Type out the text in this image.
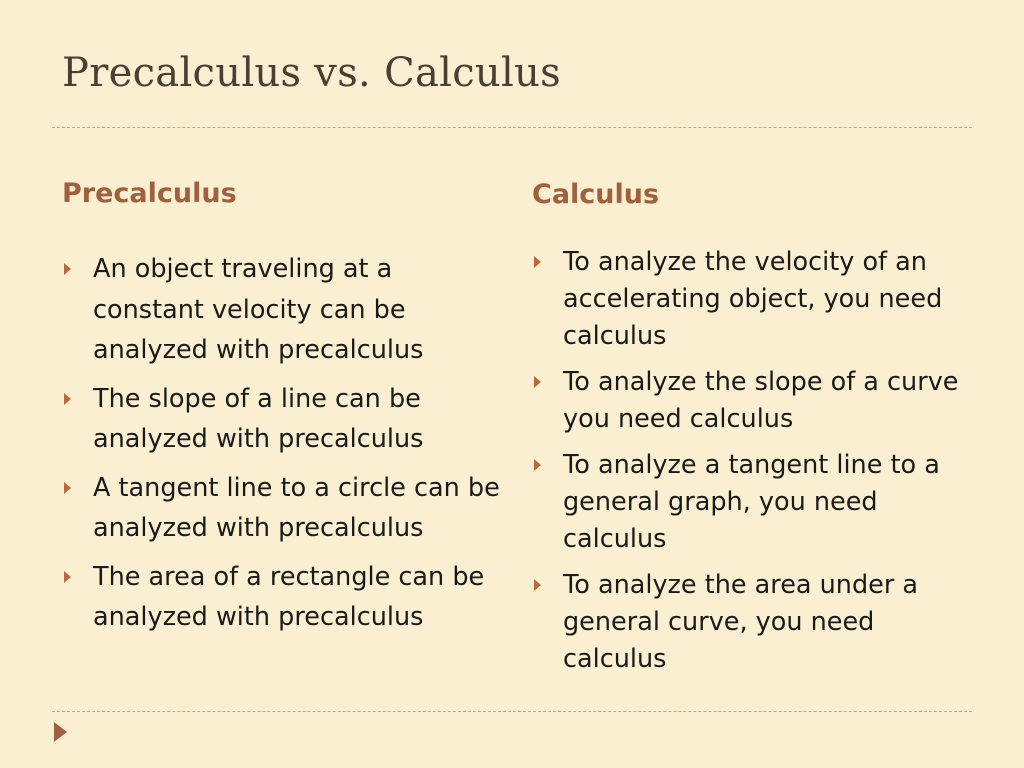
Precalculus vs. Calculus
Precalculus	Calculus
An object traveling at a constant velocity can be analyzed with precalculus
The slope of a line can be analyzed with precalculus
A tangent line to a circle can be analyzed with precalculus
The area of a rectangle can be analyzed with precalculus
To analyze the velocity of an accelerating object, you need calculus
To analyze the slope of a curve you need calculus
To analyze a tangent line to a general graph, you need calculus
To analyze the area under a general curve, you need calculus
